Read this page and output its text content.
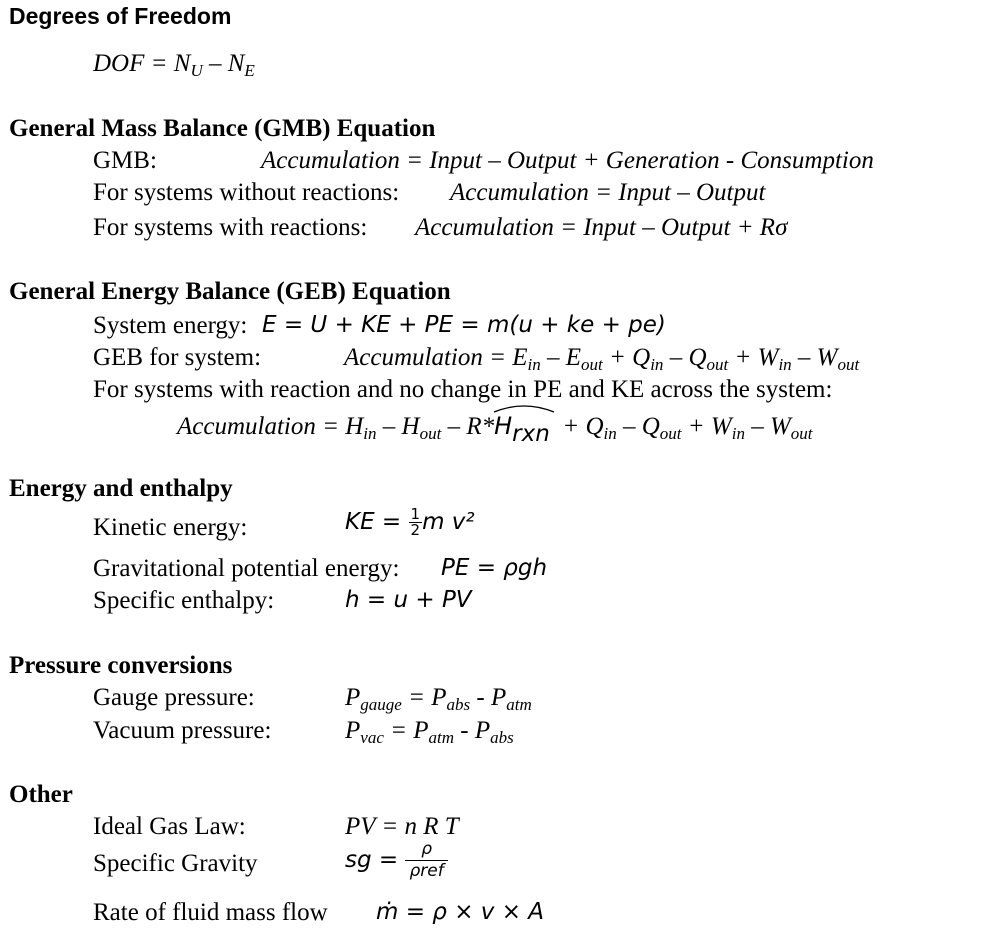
Degrees of Freedom
DOF = $N_U - N_E$
General Mass Balance (GMB) Equation
GMB:	Accumulation = Input – Output + Generation - Consumption
For systems without reactions: Accumulation = Input – Output
For systems with reactions: Accumulation = Input – Output + Rσ
General Energy Balance (GEB) Equation
System energy: E = U + KE + PE = m(u + ke + pe)
GEB for system:	Accumulation = $E_{in} - E_{out} + Q_{in} - Q_{out} + W_{in} - W_{out}$
For systems with reaction and no change in PE and KE across the system:
Accumulation = $H_{in} - H_{out} - R*$
$H_{rxn} + Q_{in} - Q_{out} + W_{in} - W_{out}$
Energy and enthalpy
Kinetic energy:	KE = $\frac{1}{2}$ m v²
Gravitational potential energy: PE = ρgh
Specific enthalpy:	h = u + PV
Pressure conversions
Gauge pressure:	$P_{gauge} = P_{abs} - P_{atm}$
Vacuum pressure:	$P_{vac} = P_{atm} - P_{abs}$
Other
Ideal Gas Law:	PV = n R T
Specific Gravity	sg = $\frac{\rho}{\text{ρref}}$
Rate of fluid mass flow ṁ = ρ × v × A
